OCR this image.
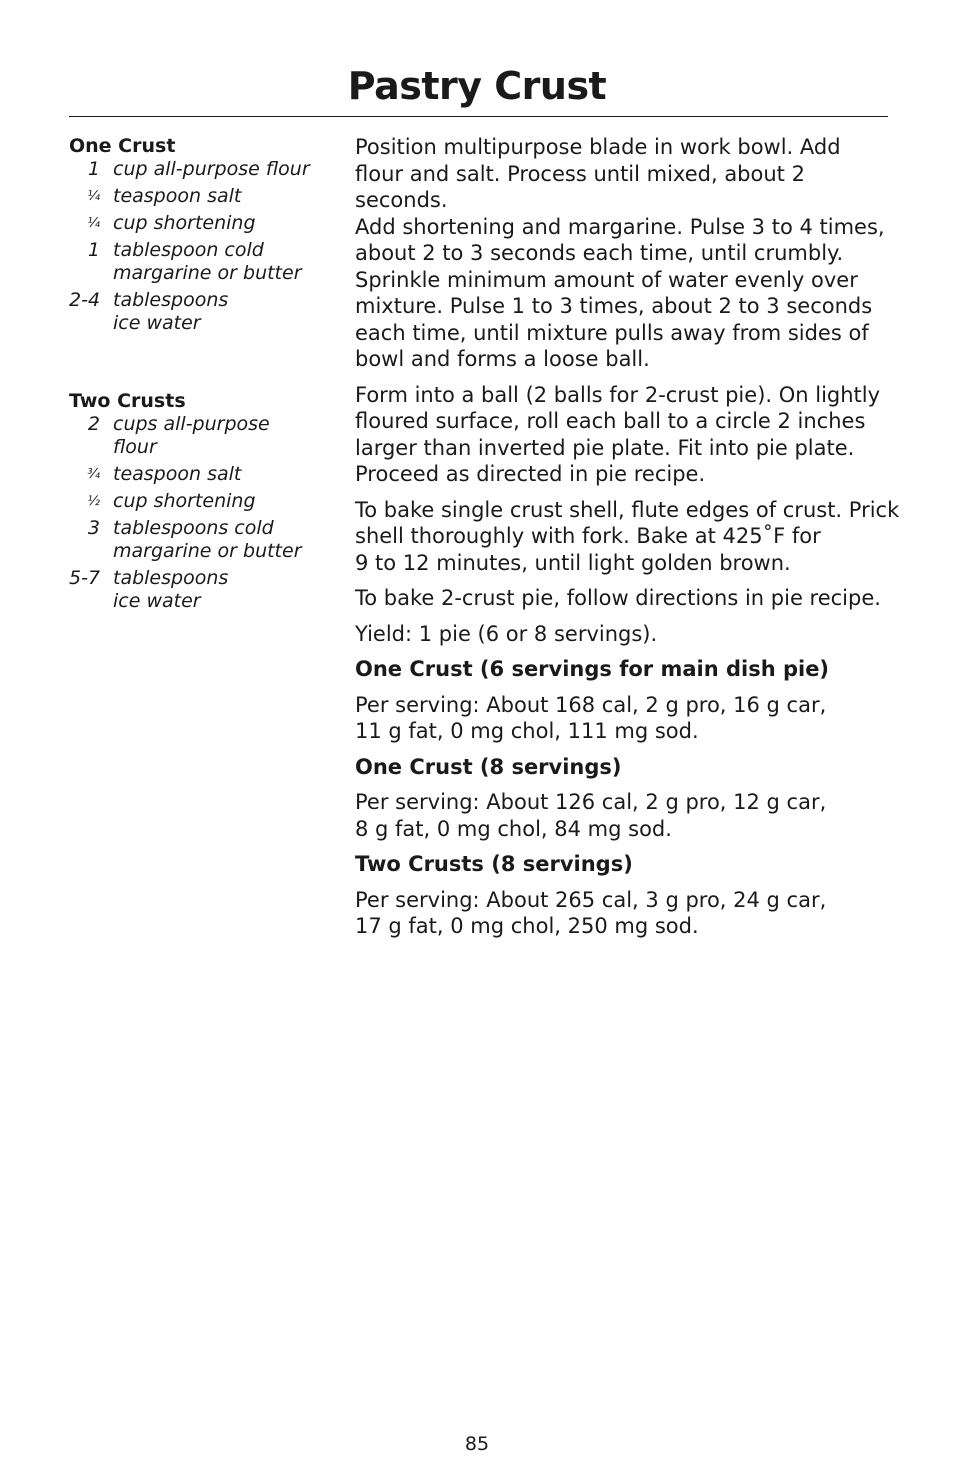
Pastry Crust
One Crust
1 cup all-purpose flour
¼ teaspoon salt
¼ cup shortening
1 tablespoon cold
margarine or butter
2-4 tablespoons
ice water
Two Crusts
2 cups all-purpose
flour
¾ teaspoon salt
½ cup shortening
3 tablespoons cold
margarine or butter
5-7 tablespoons
ice water

Position multipurpose blade in work bowl. Add
flour and salt. Process until mixed, about 2 seconds.
Add shortening and margarine. Pulse 3 to 4 times,
about 2 to 3 seconds each time, until crumbly.
Sprinkle minimum amount of water evenly over
mixture. Pulse 1 to 3 times, about 2 to 3 seconds
each time, until mixture pulls away from sides of
bowl and forms a loose ball.

Form into a ball (2 balls for 2-crust pie). On lightly
floured surface, roll each ball to a circle 2 inches
larger than inverted pie plate. Fit into pie plate.
Proceed as directed in pie recipe.

To bake single crust shell, flute edges of crust. Prick
shell thoroughly with fork. Bake at 425˚F for
9 to 12 minutes, until light golden brown.

To bake 2-crust pie, follow directions in pie recipe.

Yield: 1 pie (6 or 8 servings).

One Crust (6 servings for main dish pie)

Per serving: About 168 cal, 2 g pro, 16 g car,
11 g fat, 0 mg chol, 111 mg sod.

One Crust (8 servings)

Per serving: About 126 cal, 2 g pro, 12 g car,
8 g fat, 0 mg chol, 84 mg sod.

Two Crusts (8 servings)

Per serving: About 265 cal, 3 g pro, 24 g car,
17 g fat, 0 mg chol, 250 mg sod.

85
